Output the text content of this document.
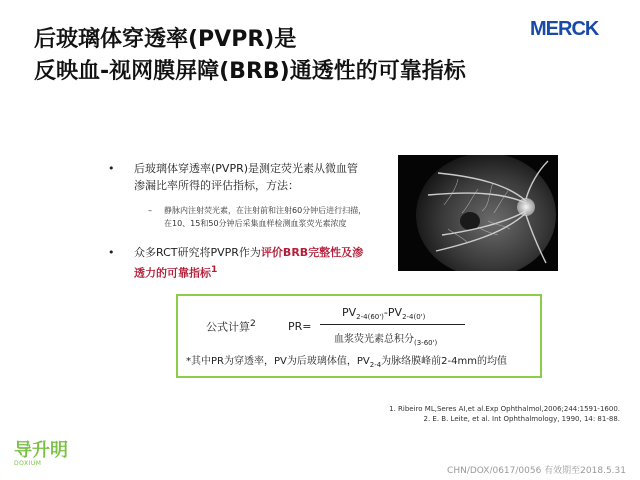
后玻璃体穿透率(PVPR)是
反映血-视网膜屏障(BRB)通透性的可靠指标
MERCK
• 后玻璃体穿透率(PVPR)是测定荧光素从微血管渗漏比率所得的评估指标，方法：
– 静脉内注射荧光素，在注射前和注射60分钟后进行扫描，在10、15和50分钟后采集血样检测血浆荧光素浓度
• 众多RCT研究将PVPR作为评价BRB完整性及渗透力的可靠指标$^1$
公式计算$^2$	PR=
$PV_{2-4(60')}-PV_{2-4(0')}$
血浆荧光素总积分$_{(3-60')}$
*其中PR为穿透率，PV为后玻璃体值，$PV_{2-4}$为脉络膜峰前2-4mm的均值
1. Ribeiro ML,Seres AI,et al.Exp Ophthalmol,2006;244:1591-1600.
2. E. B. Leite, et al. Int Ophthalmology, 1990, 14: 81-88.
导升明
DOXIUM
CHN/DOX/0617/0056 有效期至2018.5.31
